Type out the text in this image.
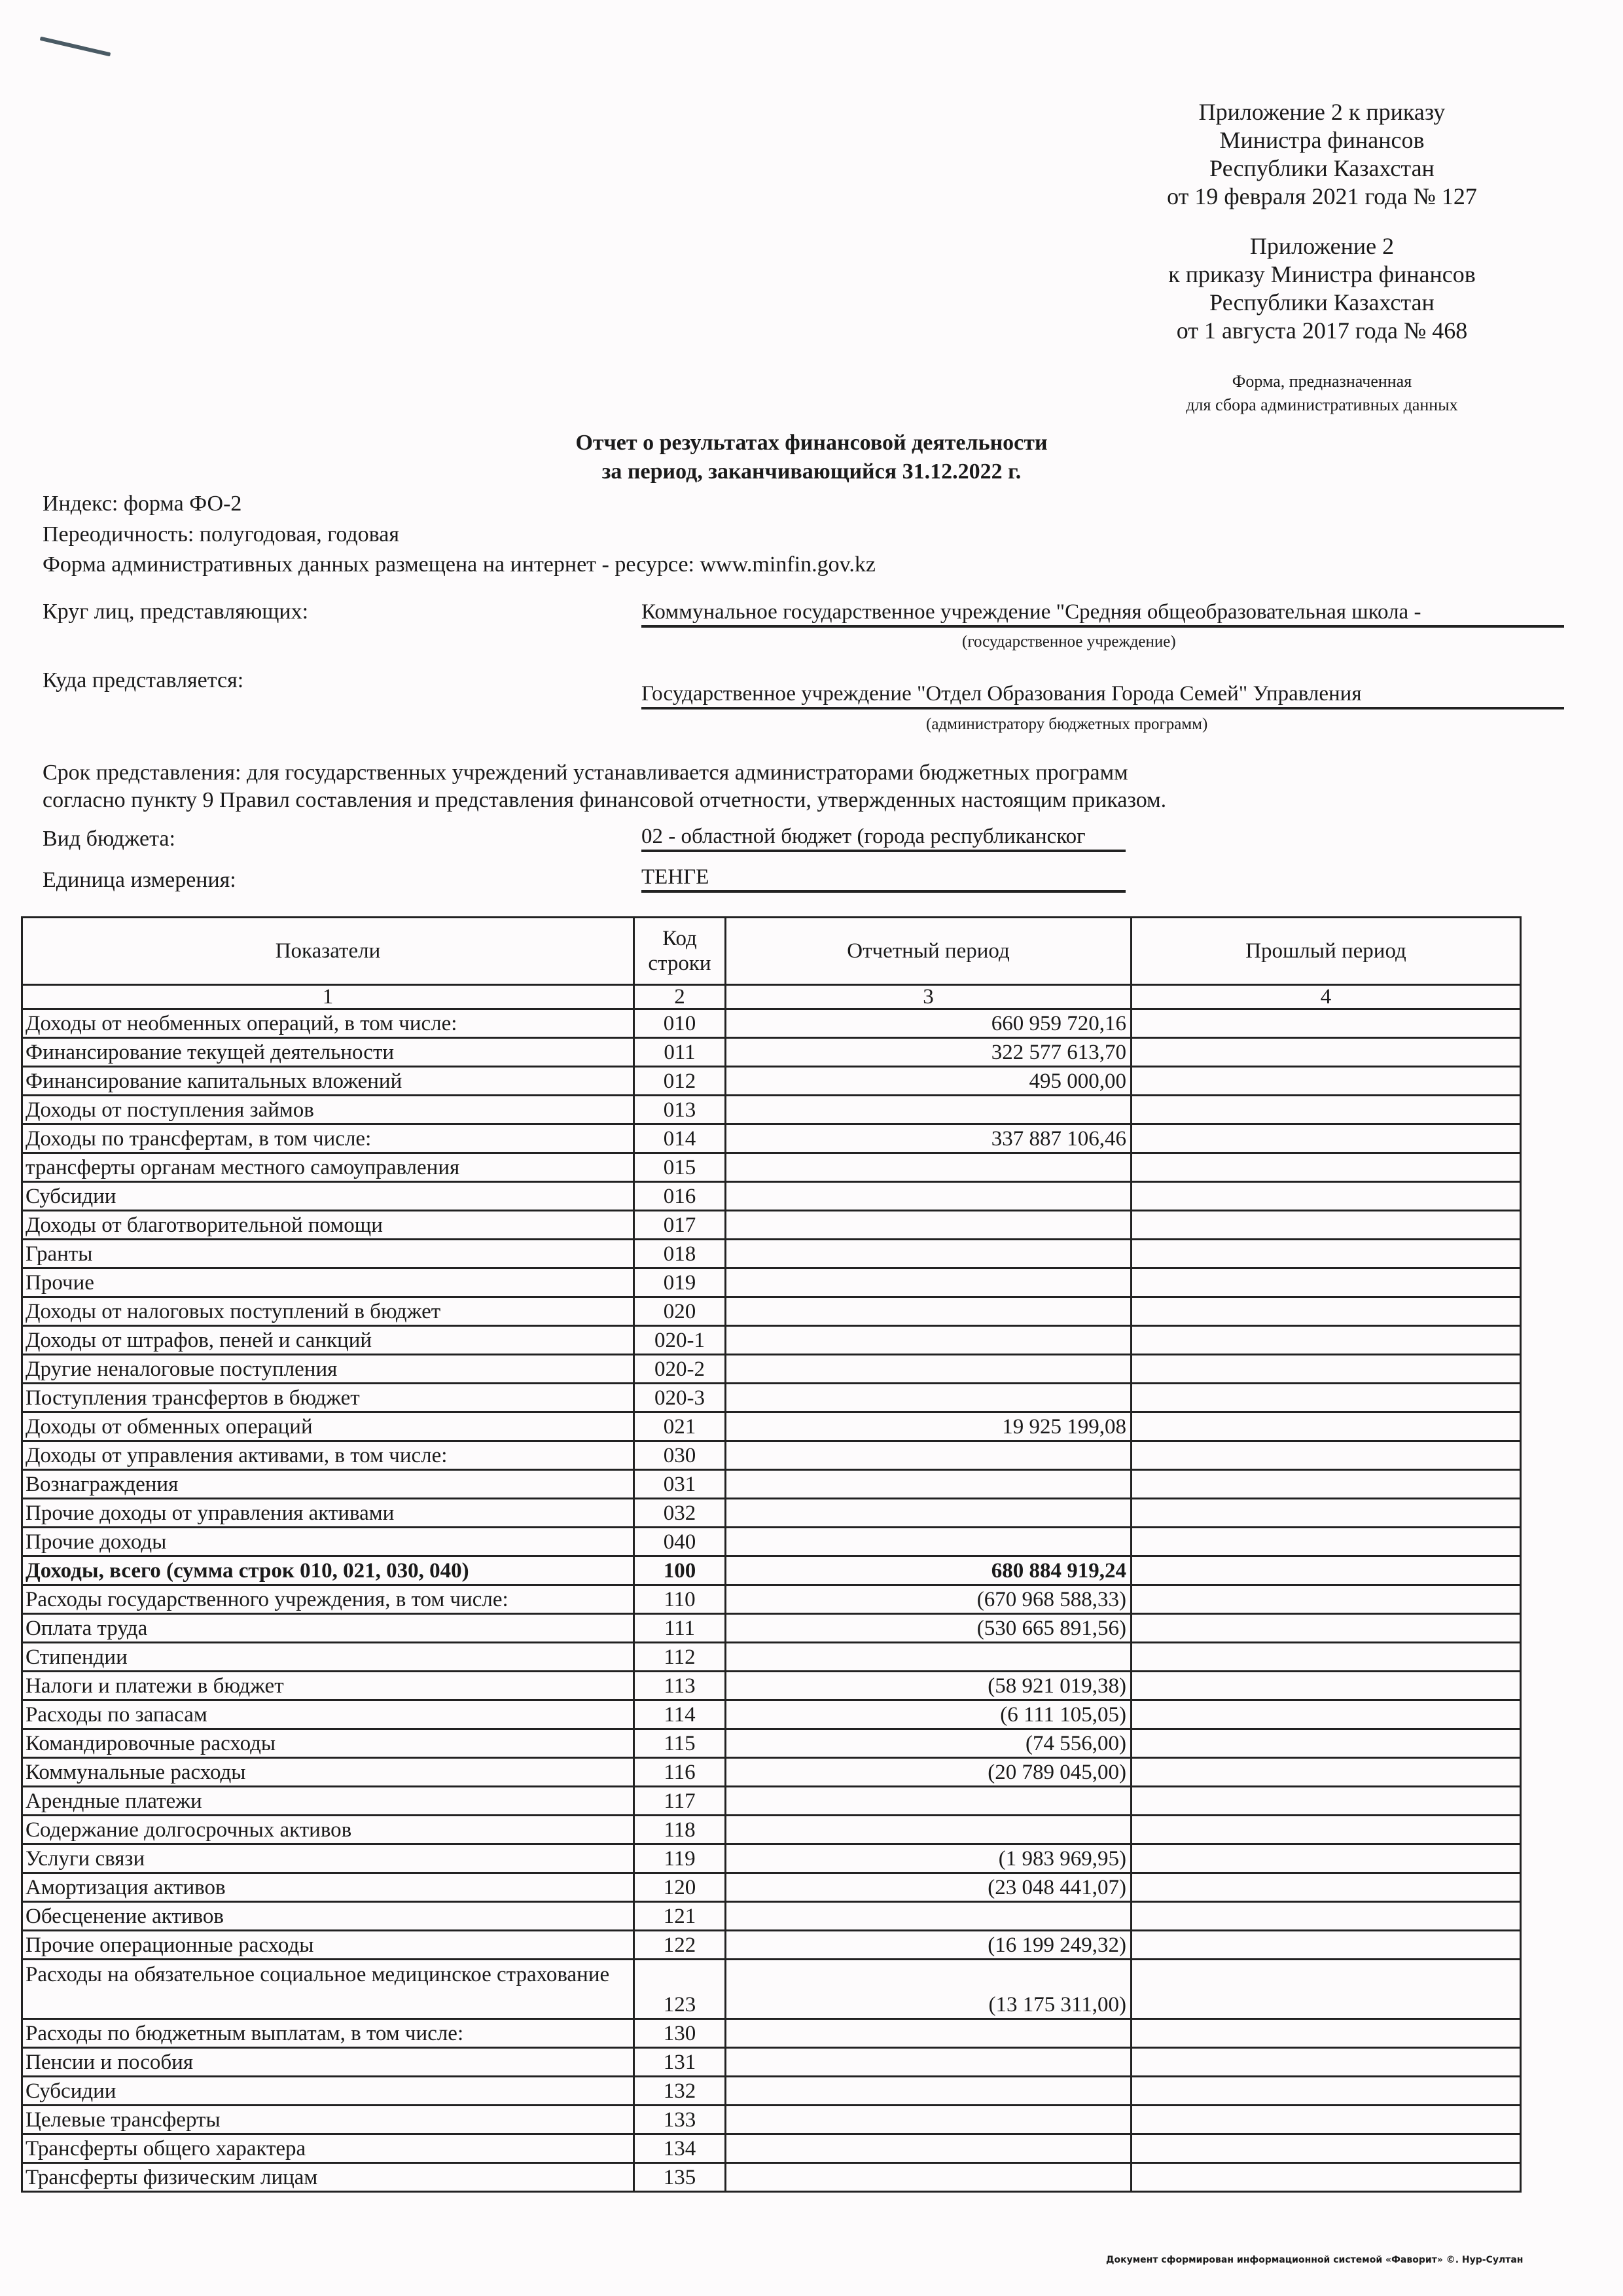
Приложение 2 к приказу
Министра финансов
Республики Казахстан
от 19 февраля 2021 года № 127
Приложение 2
к приказу Министра финансов
Республики Казахстан
от 1 августа 2017 года № 468
Форма, предназначенная
для сбора административных данных
Отчет о результатах финансовой деятельности
за период, заканчивающийся 31.12.2022 г.
Индекс: форма ФО-2
Переодичность: полугодовая, годовая
Форма административных данных размещена на интернет - ресурсе: www.minfin.gov.kz
Круг лиц, представляющих:	Коммунальное государственное учреждение "Средняя общеобразовательная школа -
(государственное учреждение)
Куда представляется:
Государственное учреждение "Отдел Образования Города Семей" Управления
(администратору бюджетных программ)
Срок представления: для государственных учреждений устанавливается администраторами бюджетных программ
согласно пункту 9 Правил составления и представления финансовой отчетности, утвержденных настоящим приказом.
Вид бюджета:	02 - областной бюджет (города республиканског
Единица измерения:	ТЕНГЕ
Показатели	Код строки	Отчетный период	Прошлый период
1	2	3	4
Доходы от необменных операций, в том числе:	010	660 959 720,16	
Финансирование текущей деятельности	011	322 577 613,70	
Финансирование капитальных вложений	012	495 000,00	
Доходы от поступления займов	013		
Доходы по трансфертам, в том числе:	014	337 887 106,46	
трансферты органам местного самоуправления	015		
Субсидии	016		
Доходы от благотворительной помощи	017		
Гранты	018		
Прочие	019		
Доходы от налоговых поступлений в бюджет	020		
Доходы от штрафов, пеней и санкций	020-1		
Другие неналоговые поступления	020-2		
Поступления трансфертов в бюджет	020-3		
Доходы от обменных операций	021	19 925 199,08	
Доходы от управления активами, в том числе:	030		
Вознаграждения	031		
Прочие доходы от управления активами	032		
Прочие доходы	040		
Доходы, всего (сумма строк 010, 021, 030, 040)	100	680 884 919,24	
Расходы государственного учреждения, в том числе:	110	(670 968 588,33)	
Оплата труда	111	(530 665 891,56)	
Стипендии	112		
Налоги и платежи в бюджет	113	(58 921 019,38)	
Расходы по запасам	114	(6 111 105,05)	
Командировочные расходы	115	(74 556,00)	
Коммунальные расходы	116	(20 789 045,00)	
Арендные платежи	117		
Содержание долгосрочных активов	118		
Услуги связи	119	(1 983 969,95)	
Амортизация активов	120	(23 048 441,07)	
Обесценение активов	121		
Прочие операционные расходы	122	(16 199 249,32)	
Расходы на обязательное социальное медицинское страхование	123	(13 175 311,00)	
Расходы по бюджетным выплатам, в том числе:	130		
Пенсии и пособия	131		
Субсидии	132		
Целевые трансферты	133		
Трансферты общего характера	134		
Трансферты физическим лицам	135		
Документ сформирован информационной системой «Фаворит» ©. Нур-Султан
